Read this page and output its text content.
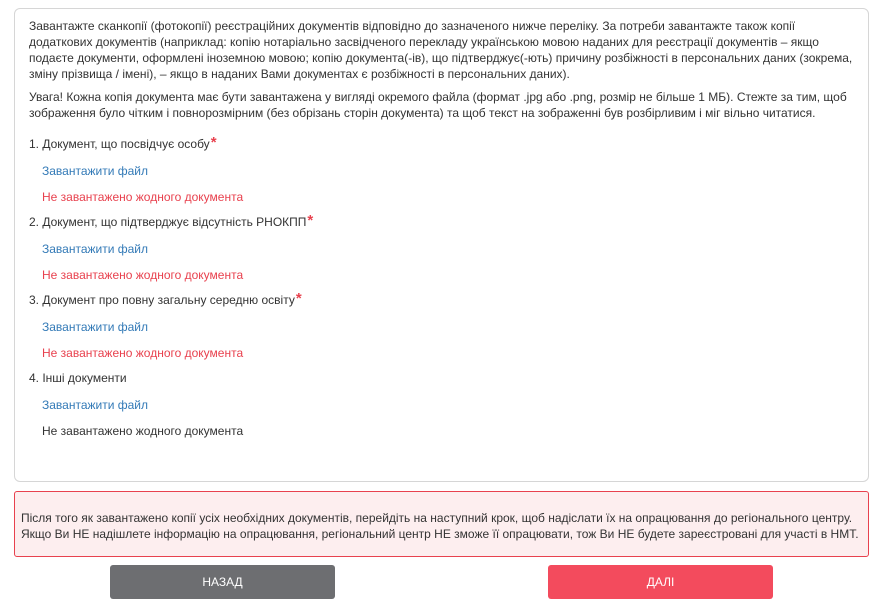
Завантажте сканкопії (фотокопії) реєстраційних документів відповідно до зазначеного нижче переліку. За потреби завантажте також копії додаткових документів (наприклад: копію нотаріально засвідченого перекладу українською мовою наданих для реєстрації документів – якщо подаєте документи, оформлені іноземною мовою; копію документа(-ів), що підтверджує(-ють) причину розбіжності в персональних даних (зокрема, зміну прізвища / імені), – якщо в наданих Вами документах є розбіжності в персональних даних).

Увага! Кожна копія документа має бути завантажена у вигляді окремого файла (формат .jpg або .png, розмір не більше 1 МБ). Стежте за тим, щоб зображення було чітким і повнорозмірним (без обрізань сторін документа) та щоб текст на зображенні був розбірливим і міг вільно читатися.

1. Документ, що посвідчує особу*
Завантажити файл
Не завантажено жодного документа
2. Документ, що підтверджує відсутність РНОКПП*
Завантажити файл
Не завантажено жодного документа
3. Документ про повну загальну середню освіту*
Завантажити файл
Не завантажено жодного документа
4. Інші документи
Завантажити файл
Не завантажено жодного документа
Після того як завантажено копії усіх необхідних документів, перейдіть на наступний крок, щоб надіслати їх на опрацювання до регіонального центру.
Якщо Ви НЕ надішлете інформацію на опрацювання, регіональний центр НЕ зможе її опрацювати, тож Ви НЕ будете зареєстровані для участі в НМТ.
НАЗАД	ДАЛІ
